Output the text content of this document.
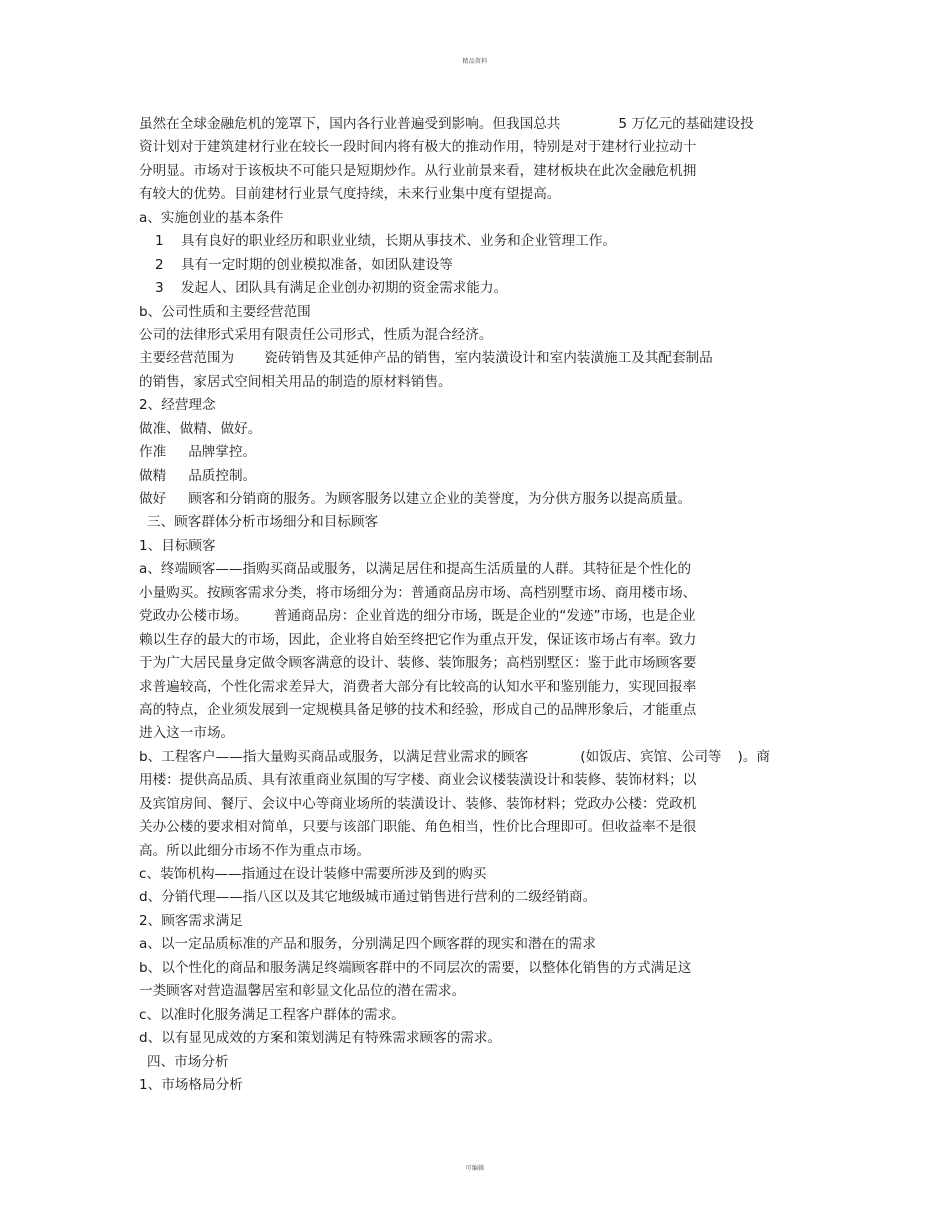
精品资料
虽然在全球金融危机的笼罩下，国内各行业普遍受到影响。但我国总共	5 万亿元的基础建设投
资计划对于建筑建材行业在较长一段时间内将有极大的推动作用，特别是对于建材行业拉动十
分明显。市场对于该板块不可能只是短期炒作。从行业前景来看，建材板块在此次金融危机拥
有较大的优势。目前建材行业景气度持续，未来行业集中度有望提高。
a、实施创业的基本条件
1    具有良好的职业经历和职业业绩，长期从事技术、业务和企业管理工作。
2    具有一定时期的创业模拟准备，如团队建设等
3    发起人、团队具有满足企业创办初期的资金需求能力。
b、公司性质和主要经营范围
公司的法律形式采用有限责任公司形式，性质为混合经济。
主要经营范围为 瓷砖销售及其延伸产品的销售，室内装潢设计和室内装潢施工及其配套制品
的销售，家居式空间相关用品的制造的原材料销售。
2、经营理念
做准、做精、做好。
作准 品牌掌控。
做精 品质控制。
做好 顾客和分销商的服务。为顾客服务以建立企业的美誉度，为分供方服务以提高质量。
三、顾客群体分析市场细分和目标顾客
1、目标顾客
a、终端顾客——指购买商品或服务，以满足居住和提高生活质量的人群。其特征是个性化的
小量购买。按顾客需求分类，将市场细分为：普通商品房市场、高档别墅市场、商用楼市场、
党政办公楼市场。 普通商品房：企业首选的细分市场，既是企业的“发迹”市场，也是企业
赖以生存的最大的市场，因此，企业将自始至终把它作为重点开发，保证该市场占有率。致力
于为广大居民量身定做令顾客满意的设计、装修、装饰服务；高档别墅区：鉴于此市场顾客要
求普遍较高，个性化需求差异大，消费者大部分有比较高的认知水平和鉴别能力，实现回报率
高的特点，企业须发展到一定规模具备足够的技术和经验，形成自己的品牌形象后，才能重点
进入这一市场。
b、工程客户——指大量购买商品或服务，以满足营业需求的顾客	(如饭店、宾馆、公司等 )。商
用楼：提供高品质、具有浓重商业氛围的写字楼、商业会议楼装潢设计和装修、装饰材料；以
及宾馆房间、餐厅、会议中心等商业场所的装潢设计、装修、装饰材料；党政办公楼：党政机
关办公楼的要求相对简单，只要与该部门职能、角色相当，性价比合理即可。但收益率不是很
高。所以此细分市场不作为重点市场。
c、装饰机构——指通过在设计装修中需要所涉及到的购买
d、分销代理——指八区以及其它地级城市通过销售进行营利的二级经销商。
2、顾客需求满足
a、以一定品质标准的产品和服务，分别满足四个顾客群的现实和潜在的需求
b、以个性化的商品和服务满足终端顾客群中的不同层次的需要，以整体化销售的方式满足这
一类顾客对营造温馨居室和彰显文化品位的潜在需求。
c、以准时化服务满足工程客户群体的需求。
d、以有显见成效的方案和策划满足有特殊需求顾客的需求。
四、市场分析
1、市场格局分析
可编辑
